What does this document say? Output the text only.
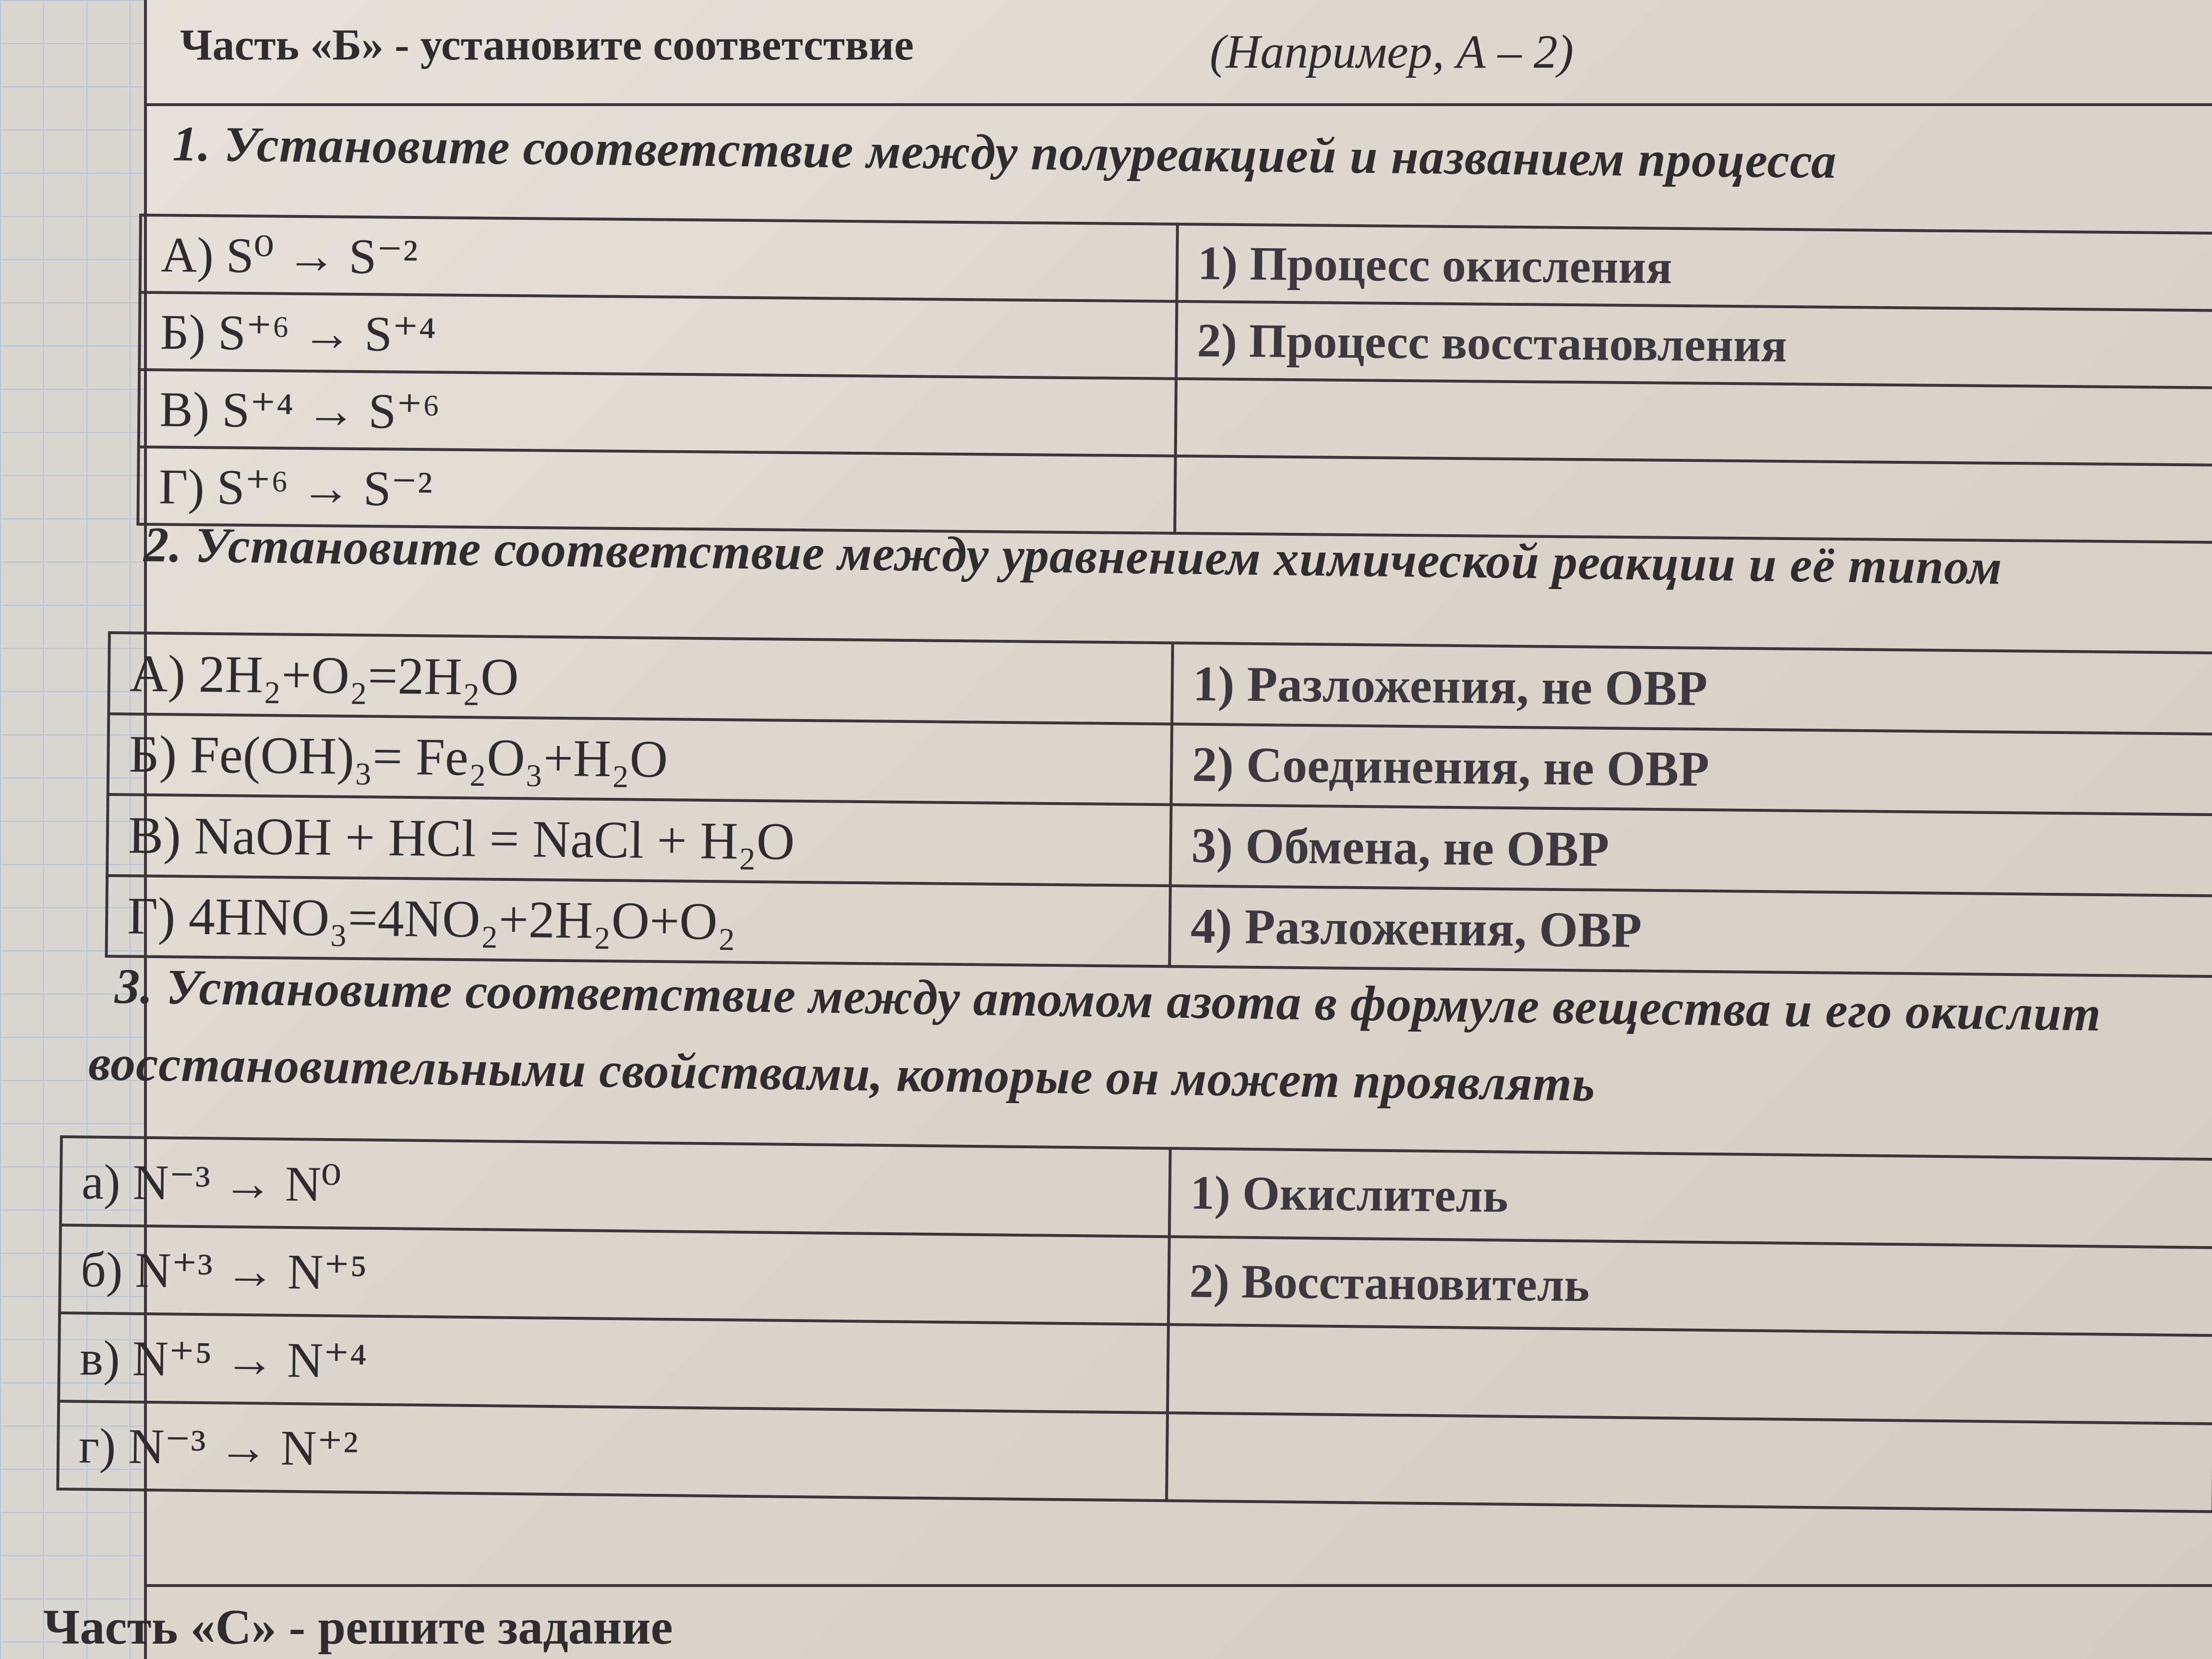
Часть «Б» - установите соответствие	(Например, А – 2)
1. Установите соответствие между полуреакцией и названием процесса
А) S⁰ → S⁻²	1) Процесс окисления
Б) S⁺⁶ → S⁺⁴	2) Процесс восстановления
В) S⁺⁴ → S⁺⁶	
Г) S⁺⁶ → S⁻²	
2. Установите соответствие между уравнением химической реакции и её типом
А) 2H₂+O₂=2H₂O	1) Разложения, не ОВР
Б) Fe(OH)₃= Fe₂O₃+H₂O	2) Соединения, не ОВР
В) NaOH + HCl = NaCl + H₂O	3) Обмена, не ОВР
Г) 4HNO₃=4NO₂+2H₂O+O₂	4) Разложения, ОВР
3. Установите соответствие между атомом азота в формуле вещества и его окислит
восстановительными свойствами, которые он может проявлять
а) N⁻³ → N⁰	1) Окислитель
б) N⁺³ → N⁺⁵	2) Восстановитель
в) N⁺⁵ → N⁺⁴	
г) N⁻³ → N⁺²	
Часть «С» - решите задание
